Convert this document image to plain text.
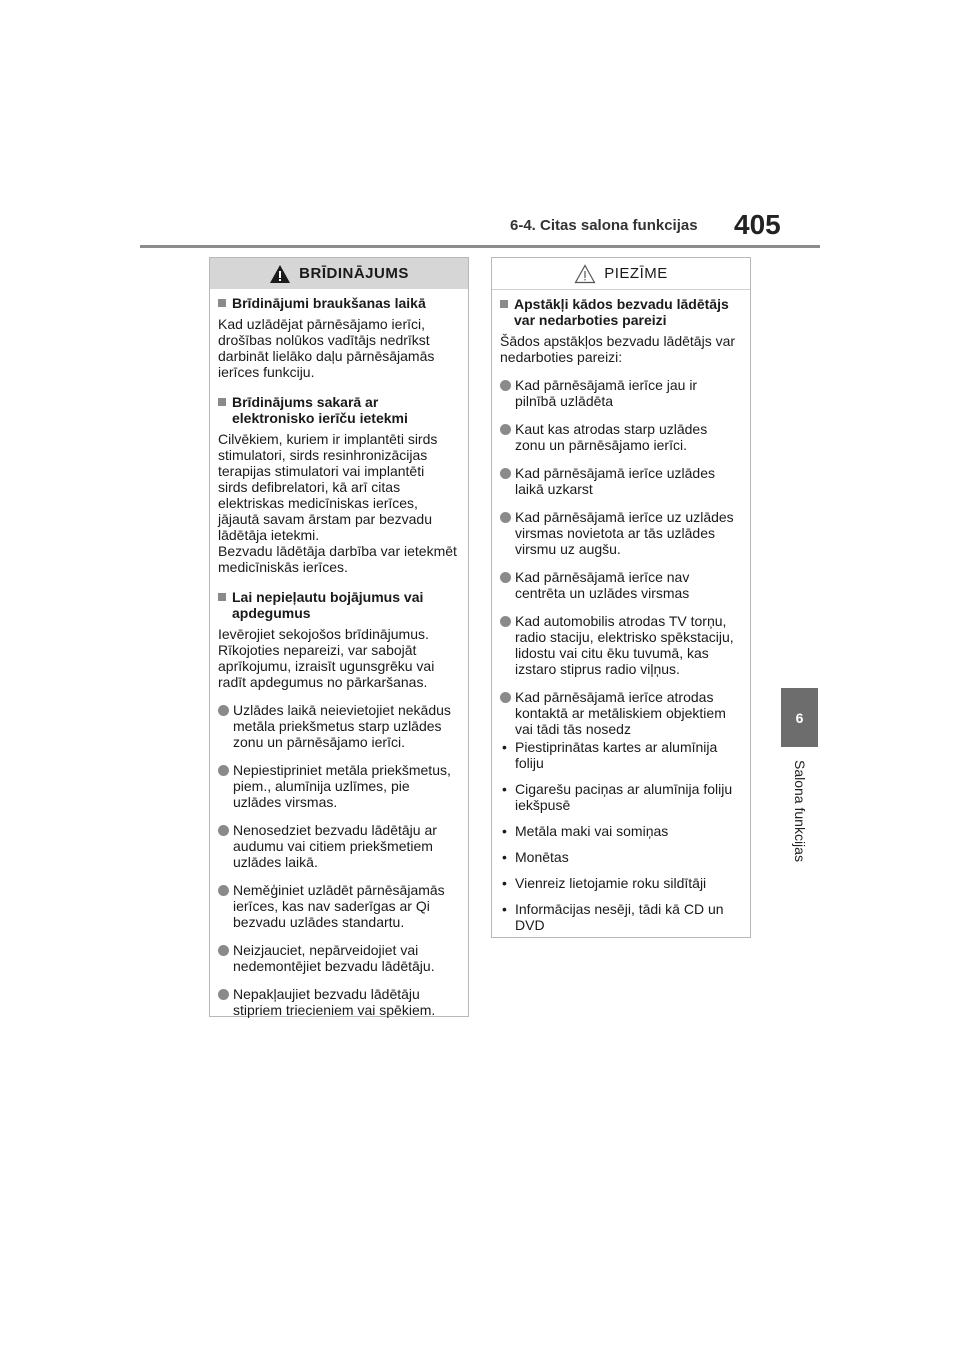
6-4. Citas salona funkcijas 405
6
Salona funkcijas
BRĪDINĀJUMS
Brīdinājumi braukšanas laikā
Kad uzlādējat pārnēsājamo ierīci, drošības nolūkos vadītājs nedrīkst darbināt lielāko daļu pārnēsājamās ierīces funkciju.
Brīdinājums sakarā ar elektronisko ierīču ietekmi
Cilvēkiem, kuriem ir implantēti sirds stimulatori, sirds resinhronizācijas terapijas stimulatori vai implantēti sirds defibrelatori, kā arī citas elektriskas medicīniskas ierīces, jājautā savam ārstam par bezvadu lādētāja ietekmi.
Bezvadu lādētāja darbība var ietekmēt medicīniskās ierīces.
Lai nepieļautu bojājumus vai apdegumus
Ievērojiet sekojošos brīdinājumus. Rīkojoties nepareizi, var sabojāt aprīkojumu, izraisīt ugunsgrēku vai radīt apdegumus no pārkaršanas.
Uzlādes laikā neievietojiet nekādus metāla priekšmetus starp uzlādes zonu un pārnēsājamo ierīci.
Nepiestipriniet metāla priekšmetus, piem., alumīnija uzlīmes, pie uzlādes virsmas.
Nenosedziet bezvadu lādētāju ar audumu vai citiem priekšmetiem uzlādes laikā.
Neměģiniet uzlādēt pārnēsājamās ierīces, kas nav saderīgas ar Qi bezvadu uzlādes standartu.
Neizjauciet, nepārveidojiet vai nedemontējiet bezvadu lādētāju.
Nepakļaujiet bezvadu lādētāju stipriem triecieniem vai spēkiem.
PIEZĪME
Apstākļi kādos bezvadu lādētājs var nedarboties pareizi
Šādos apstākļos bezvadu lādētājs var nedarboties pareizi:
Kad pārnēsājamā ierīce jau ir pilnībā uzlādēta
Kaut kas atrodas starp uzlādes zonu un pārnēsājamo ierīci.
Kad pārnēsājamā ierīce uzlādes laikā uzkarst
Kad pārnēsājamā ierīce uz uzlādes virsmas novietota ar tās uzlādes virsmu uz augšu.
Kad pārnēsājamā ierīce nav centrēta un uzlādes virsmas
Kad automobilis atrodas TV torņu, radio staciju, elektrisko spēkstaciju, lidostu vai citu ēku tuvumā, kas izstaro stiprus radio viļņus.
Kad pārnēsājamā ierīce atrodas kontaktā ar metāliskiem objektiem vai tādi tās nosedz
• Piestiprinātas kartes ar alumīnija foliju
• Cigarešu paciņas ar alumīnija foliju iekšpusē
• Metāla maki vai somiņas
• Monētas
• Vienreiz lietojamie roku sildītāji
• Informācijas nesēji, tādi kā CD un DVD
